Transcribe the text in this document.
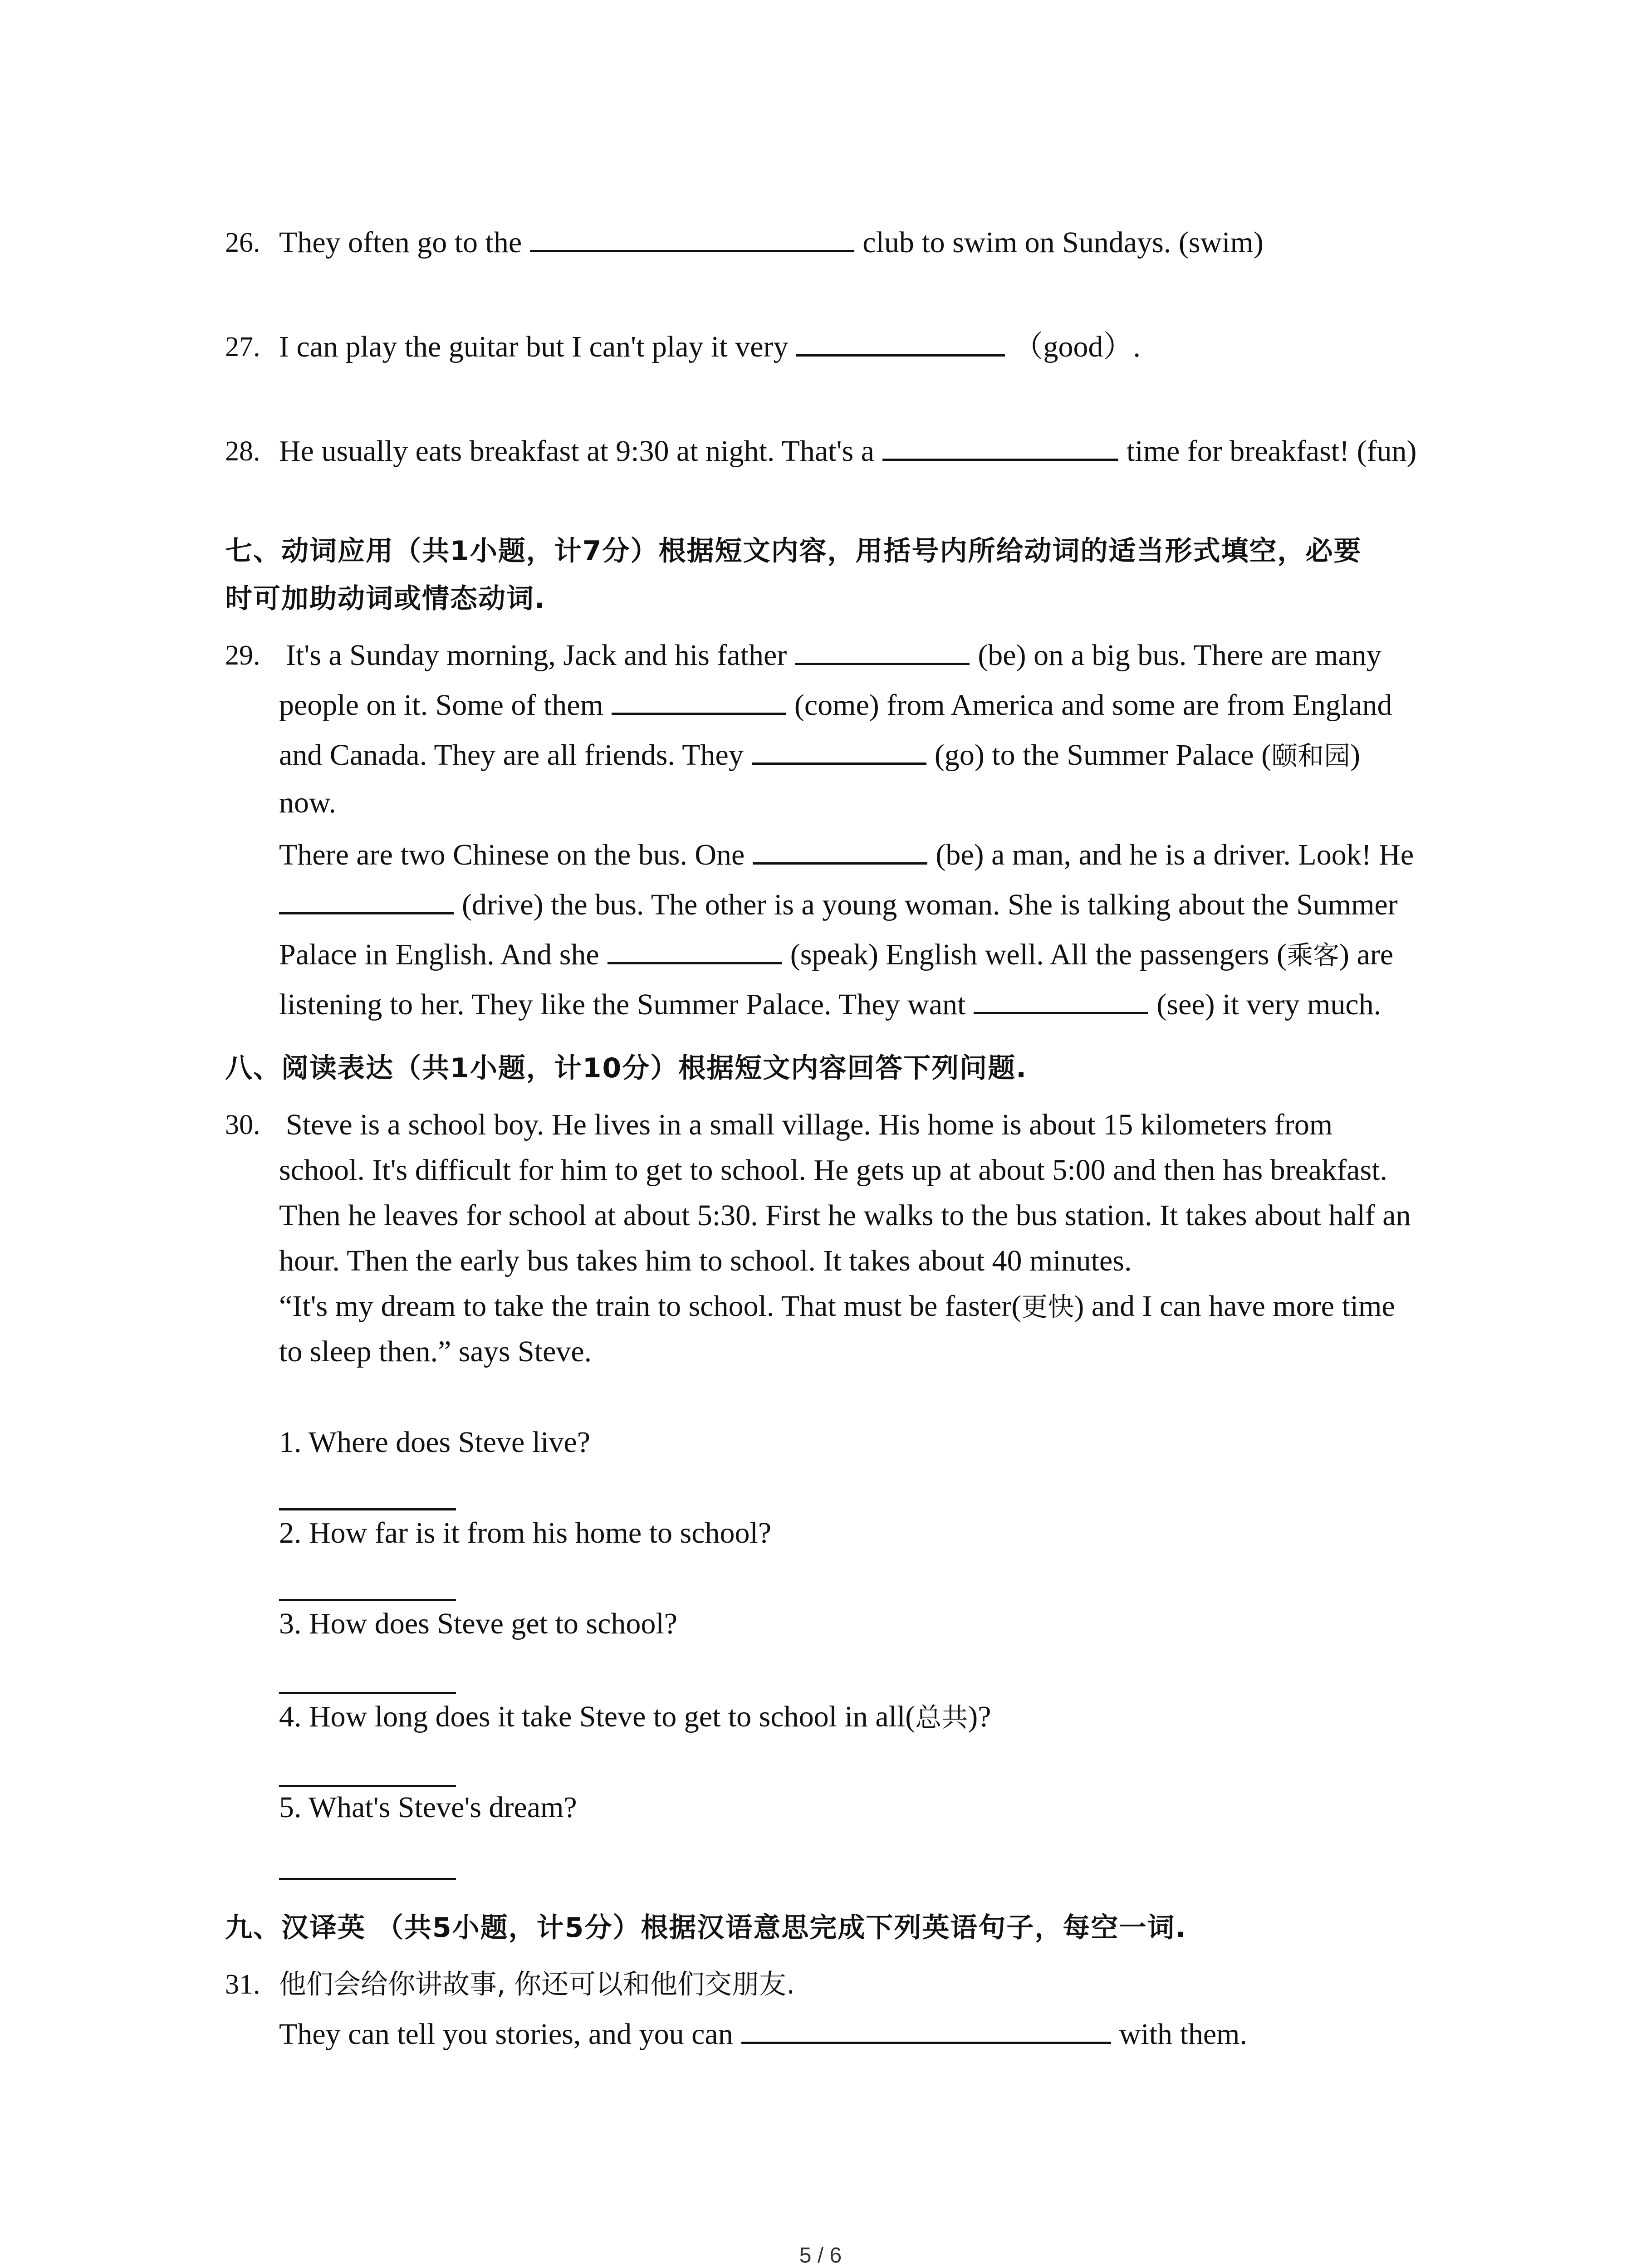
26. They often go to the	club to swim on Sundays. (swim)
27. I can play the guitar but I can't play it very	（good）.
28. He usually eats breakfast at 9:30 at night. That's a	time for breakfast! (fun)
七、动词应用（共1小题，计7分）根据短文内容，用括号内所给动词的适当形式填空，必要
时可加助动词或情态动词.
29. It's a Sunday morning, Jack and his father	(be) on a big bus. There are many
people on it. Some of them	(come) from America and some are from England
and Canada. They are all friends. They	(go) to the Summer Palace (颐和园)
now.
There are two Chinese on the bus. One	(be) a man, and he is a driver. Look! He
(drive) the bus. The other is a young woman. She is talking about the Summer
Palace in English. And she	(speak) English well. All the passengers (乘客) are
listening to her. They like the Summer Palace. They want	(see) it very much.
八、阅读表达（共1小题，计10分）根据短文内容回答下列问题.
30. Steve is a school boy. He lives in a small village. His home is about 15 kilometers from
school. It's difficult for him to get to school. He gets up at about 5:00 and then has breakfast.
Then he leaves for school at about 5:30. First he walks to the bus station. It takes about half an
hour. Then the early bus takes him to school. It takes about 40 minutes.
“It's my dream to take the train to school. That must be faster(更快) and I can have more time
to sleep then.” says Steve.
1. Where does Steve live?
2. How far is it from his home to school?
3. How does Steve get to school?
4. How long does it take Steve to get to school in all(总共)?
5. What's Steve's dream?
九、汉译英 （共5小题，计5分）根据汉语意思完成下列英语句子，每空一词.
31. 他们会给你讲故事, 你还可以和他们交朋友.
They can tell you stories, and you can	with them.
5 / 6
